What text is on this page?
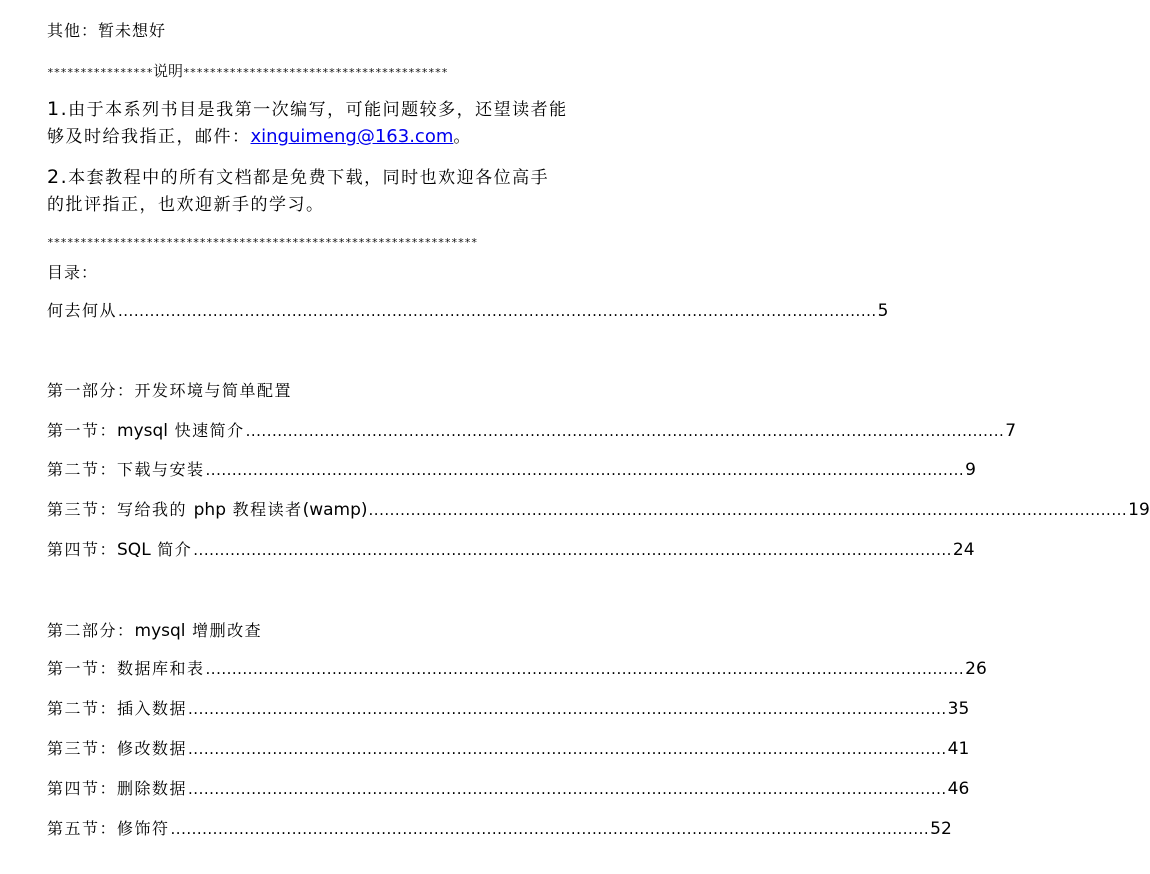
其他：暂未想好
****************说明****************************************
1.由于本系列书目是我第一次编写，可能问题较多，还望读者能
够及时给我指正，邮件：xinguimeng@163.com。
2.本套教程中的所有文档都是免费下载，同时也欢迎各位高手
的批评指正，也欢迎新手的学习。
*****************************************************************
目录：
何去何从 ................................................................................................................................................ 5
第一部分：开发环境与简单配置
第一节：mysql 快速简介 ................................................................................................................................................ 7
第二节：下载与安装 ................................................................................................................................................ 9
第三节：写给我的 php 教程读者(wamp) ................................................................................................................................................ 19
第四节：SQL 简介 ................................................................................................................................................ 24
第二部分：mysql 增删改查
第一节：数据库和表 ................................................................................................................................................ 26
第二节：插入数据 ................................................................................................................................................ 35
第三节：修改数据 ................................................................................................................................................ 41
第四节：删除数据 ................................................................................................................................................ 46
第五节：修饰符 ................................................................................................................................................ 52
